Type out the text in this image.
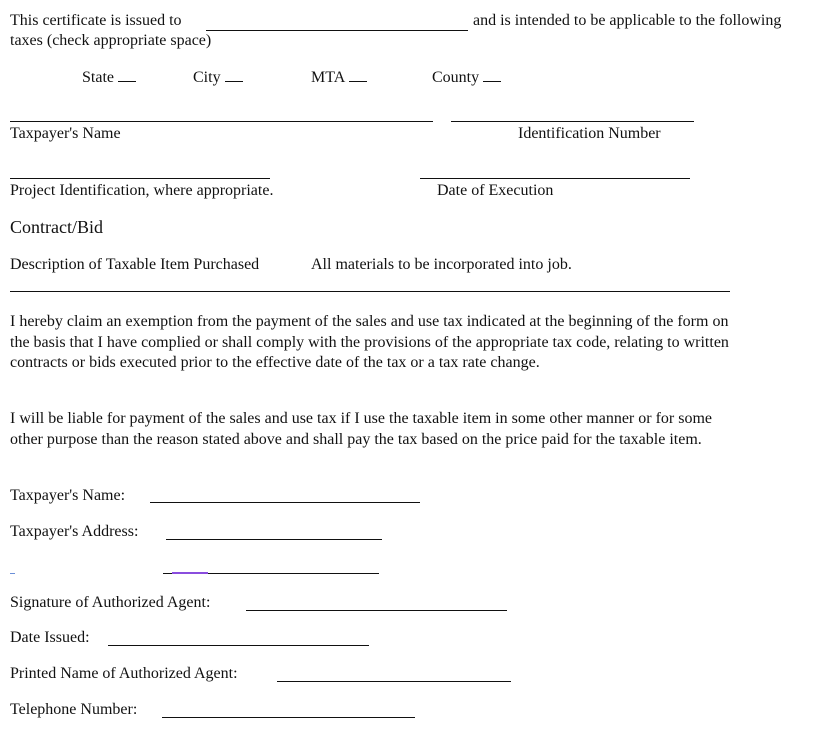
This certificate is issued to	and is intended to be applicable to the following
taxes (check appropriate space)
State	City	MTA	County
Taxpayer's Name	Identification Number
Project Identification, where appropriate.	Date of Execution
Contract/Bid
Description of Taxable Item Purchased	All materials to be incorporated into job.
I hereby claim an exemption from the payment of the sales and use tax indicated at the beginning of the form on the basis that I have complied or shall comply with the provisions of the appropriate tax code, relating to written contracts or bids executed prior to the effective date of the tax or a tax rate change.
I will be liable for payment of the sales and use tax if I use the taxable item in some other manner or for some other purpose than the reason stated above and shall pay the tax based on the price paid for the taxable item.
Taxpayer's Name:
Taxpayer's Address:
Signature of Authorized Agent:
Date Issued:
Printed Name of Authorized Agent:
Telephone Number:
